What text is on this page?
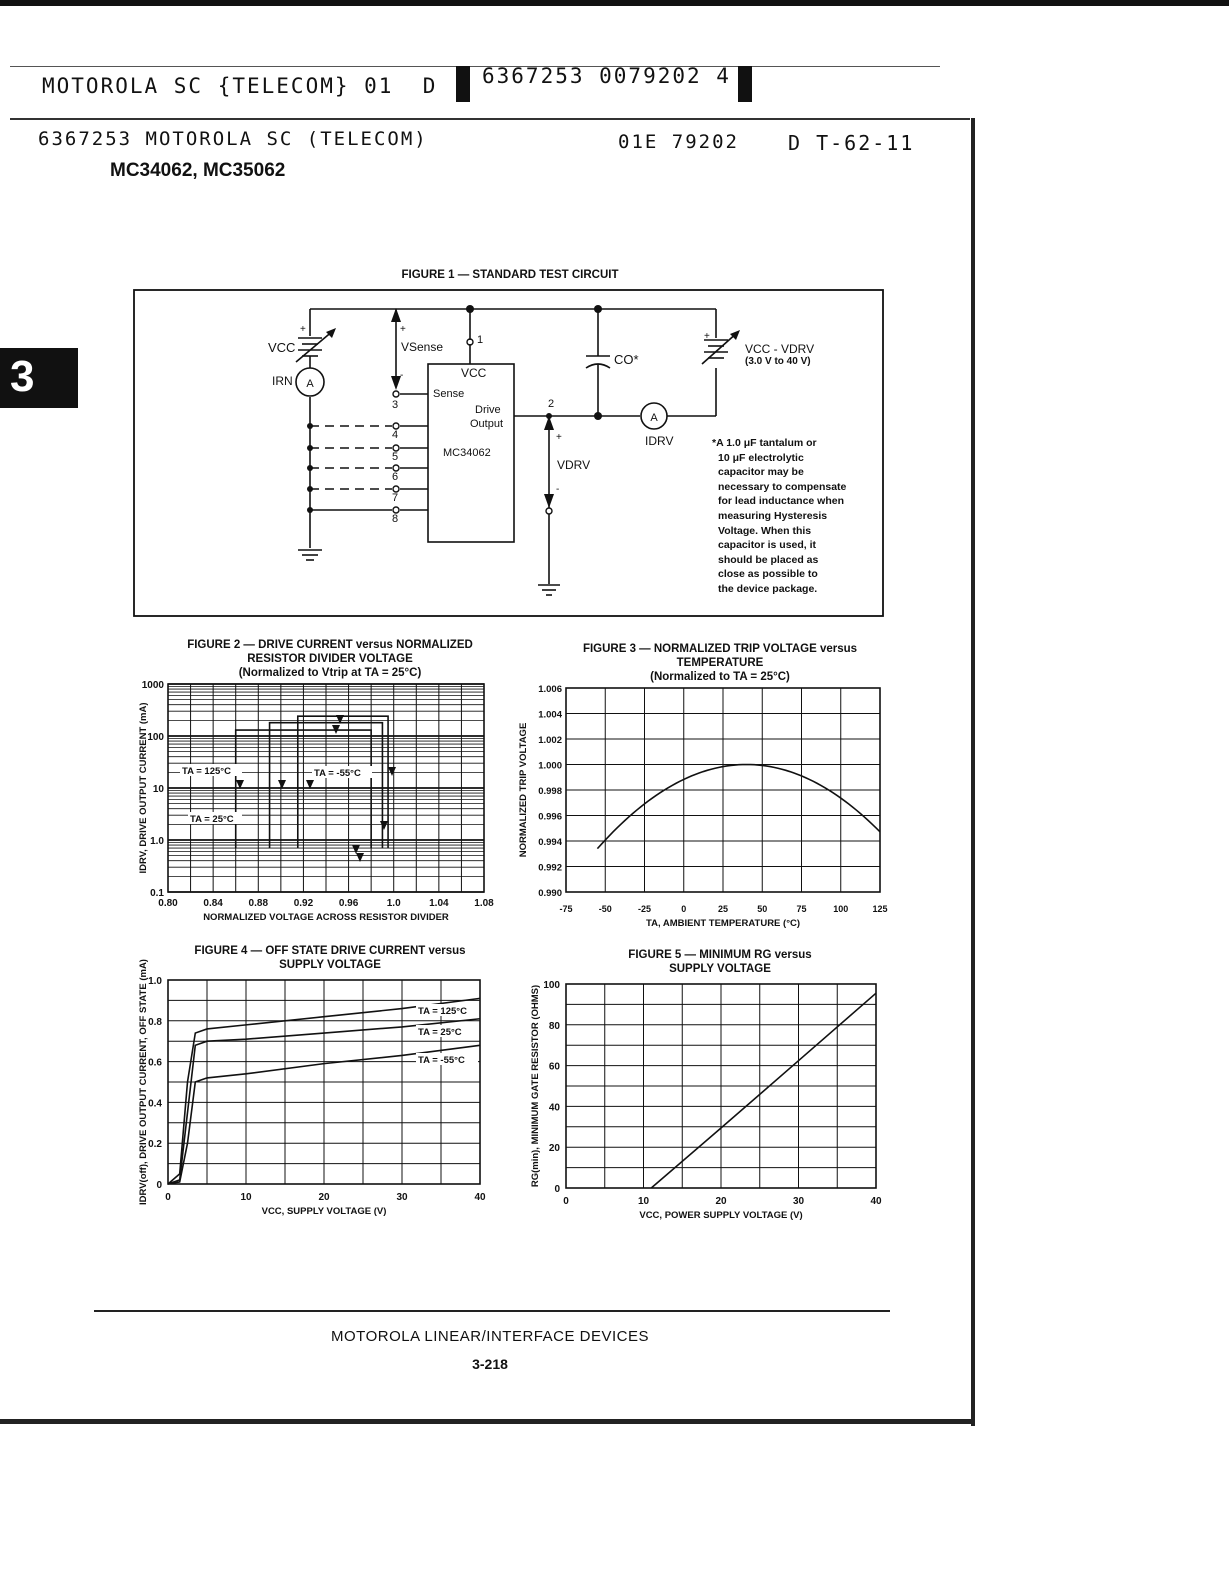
MOTOROLA SC {TELECOM} 01  D 6367253 0079202 4
6367253 MOTOROLA SC (TELECOM)	01E 79202 D T-62-11
MC34062, MC35062
3
FIGURE 1 — STANDARD TEST CIRCUIT
A
A
+
+
+
-
+
-
VCC
IRN
VSense	1
VCC
Sense
Drive
Output
MC34062
3
4
5
6
7
8
2
VDRV
IDRV
CO*
VCC - VDRV
(3.0 V to 40 V)
*A 1.0 μF tantalum or
10 μF electrolytic
capacitor may be
necessary to compensate
for lead inductance when
measuring Hysteresis
Voltage. When this
capacitor is used, it
should be placed as
close as possible to
the device package.
FIGURE 2 — DRIVE CURRENT versus NORMALIZED
RESISTOR DIVIDER VOLTAGE
(Normalized to Vtrip at TA = 25°C)
FIGURE 3 — NORMALIZED TRIP VOLTAGE versus
TEMPERATURE
(Normalized to TA = 25°C)
FIGURE 4 — OFF STATE DRIVE CURRENT versus
SUPPLY VOLTAGE
FIGURE 5 — MINIMUM RG versus
SUPPLY VOLTAGE
1000
100
10
1.0
0.1
0.80	0.84	0.88	0.92	0.96	1.0	1.04	1.08
NORMALIZED VOLTAGE ACROSS RESISTOR DIVIDER
IDRV, DRIVE OUTPUT CURRENT (mA)	TA = 125°C	TA = -55°C
TA = 25°C
1.006
1.004
1.002
1.000
0.998
0.996
0.994
0.992
0.990
-75	-50	-25	0	25	50	75	100	125
TA, AMBIENT TEMPERATURE (°C)
NORMALIZED TRIP VOLTAGE
1.0
0.8
0.6
0.4
0.2
0
0	10	20	30	40
VCC, SUPPLY VOLTAGE (V)
IDRV(off), DRIVE OUTPUT CURRENT, OFF STATE (mA)	TA = 125°C
TA = 25°C
TA = -55°C
100
80
60
40
20
0
0	10	20	30	40
VCC, POWER SUPPLY VOLTAGE (V)
RG(min), MINIMUM GATE RESISTOR (OHMS)
MOTOROLA LINEAR/INTERFACE DEVICES
3-218
